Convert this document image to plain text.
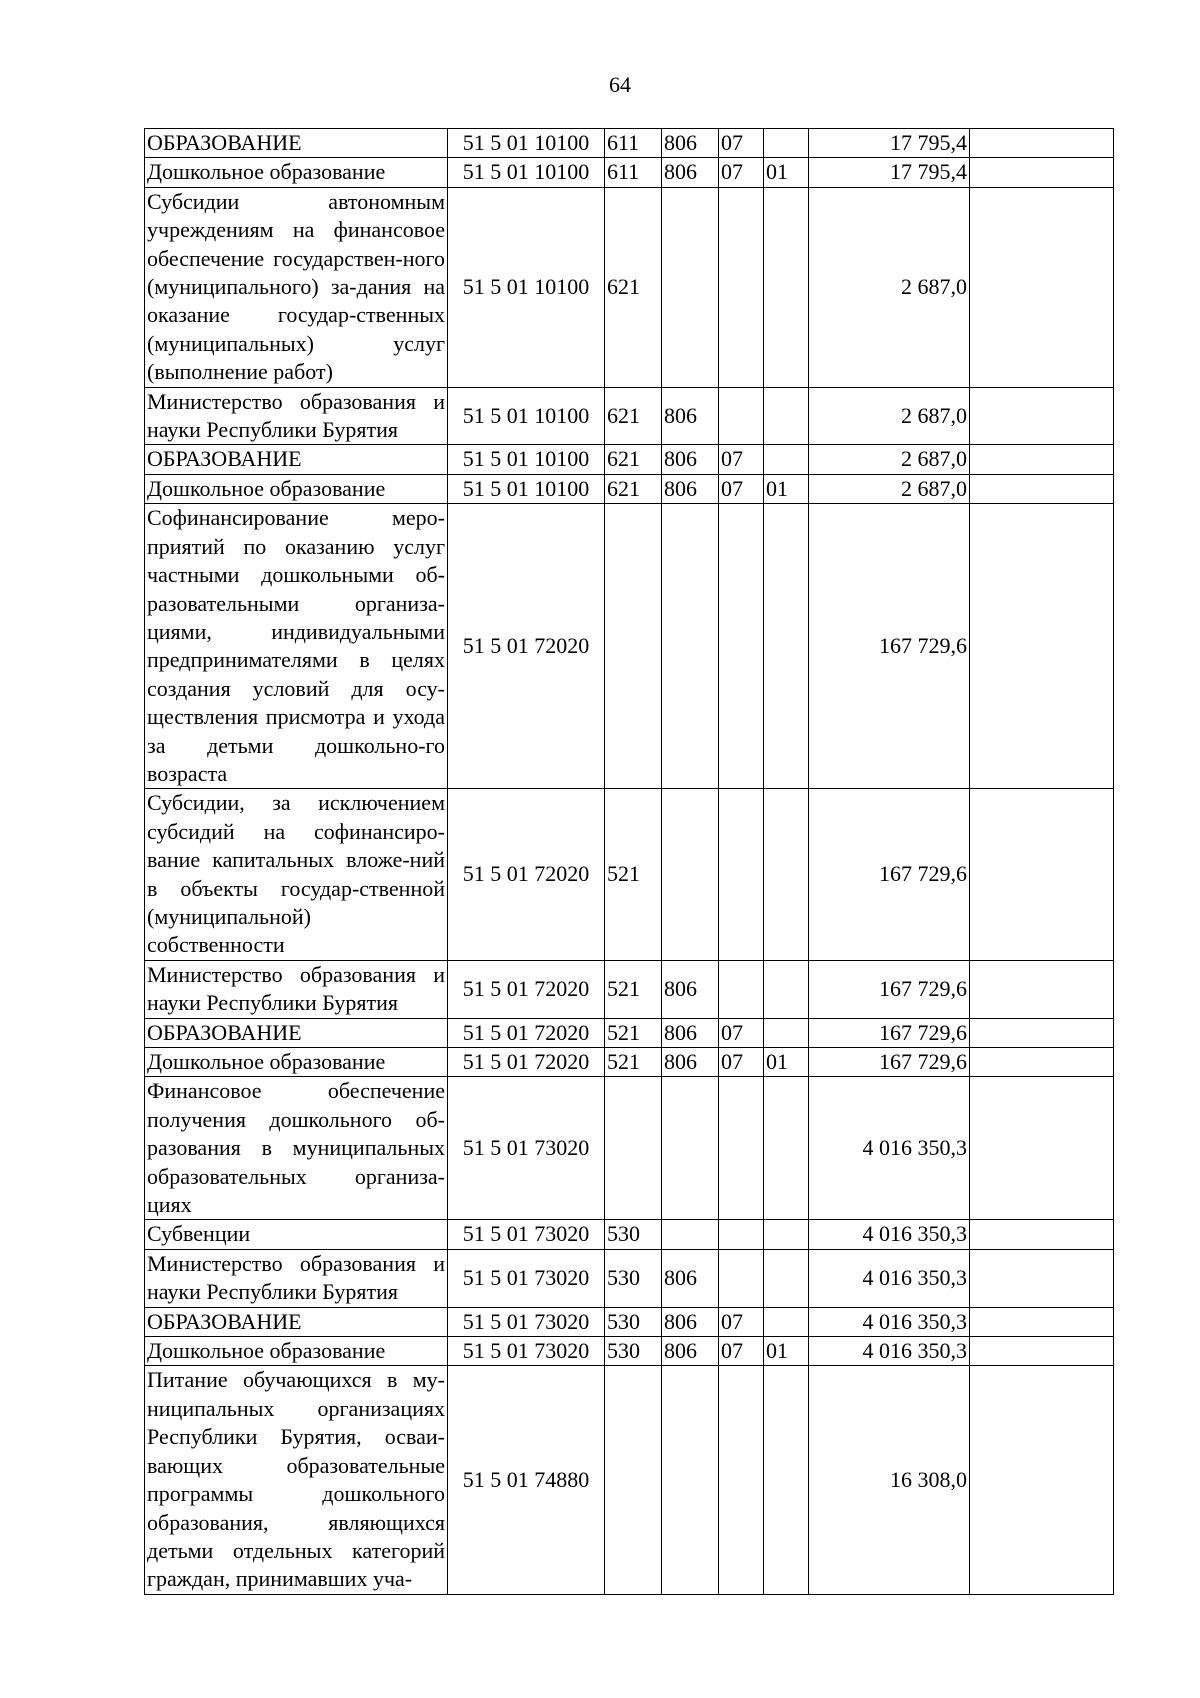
64
ОБРАЗОВАНИЕ	51 5 01 10100	611	806	07		17 795,4	
Дошкольное образование	51 5 01 10100	611	806	07	01	17 795,4	
Субсидии автономным учреждениям на финансовое обеспечение государствен-ного (муниципального) за-дания на оказание государ-ственных (муниципальных) услуг (выполнение работ)	51 5 01 10100	621				2 687,0	
Министерство образования и науки Республики Бурятия	51 5 01 10100	621	806			2 687,0	
ОБРАЗОВАНИЕ	51 5 01 10100	621	806	07		2 687,0	
Дошкольное образование	51 5 01 10100	621	806	07	01	2 687,0	
Софинансирование меро-приятий по оказанию услуг частными дошкольными об-разовательными организа-циями, индивидуальными предпринимателями в целях создания условий для осу-ществления присмотра и ухода за детьми дошкольно-го возраста	51 5 01 72020					167 729,6	
Субсидии, за исключением субсидий на софинансиро-вание капитальных вложе-ний в объекты государ-ственной (муниципальной) собственности	51 5 01 72020	521				167 729,6	
Министерство образования и науки Республики Бурятия	51 5 01 72020	521	806			167 729,6	
ОБРАЗОВАНИЕ	51 5 01 72020	521	806	07		167 729,6	
Дошкольное образование	51 5 01 72020	521	806	07	01	167 729,6	
Финансовое обеспечение получения дошкольного об-разования в муниципальных образовательных организа-циях	51 5 01 73020					4 016 350,3	
Субвенции	51 5 01 73020	530				4 016 350,3	
Министерство образования и науки Республики Бурятия	51 5 01 73020	530	806			4 016 350,3	
ОБРАЗОВАНИЕ	51 5 01 73020	530	806	07		4 016 350,3	
Дошкольное образование	51 5 01 73020	530	806	07	01	4 016 350,3	
Питание обучающихся в му-ниципальных организациях Республики Бурятия, осваи-вающих образовательные программы дошкольного образования, являющихся детьми отдельных категорий граждан, принимавших уча-	51 5 01 74880					16 308,0	
